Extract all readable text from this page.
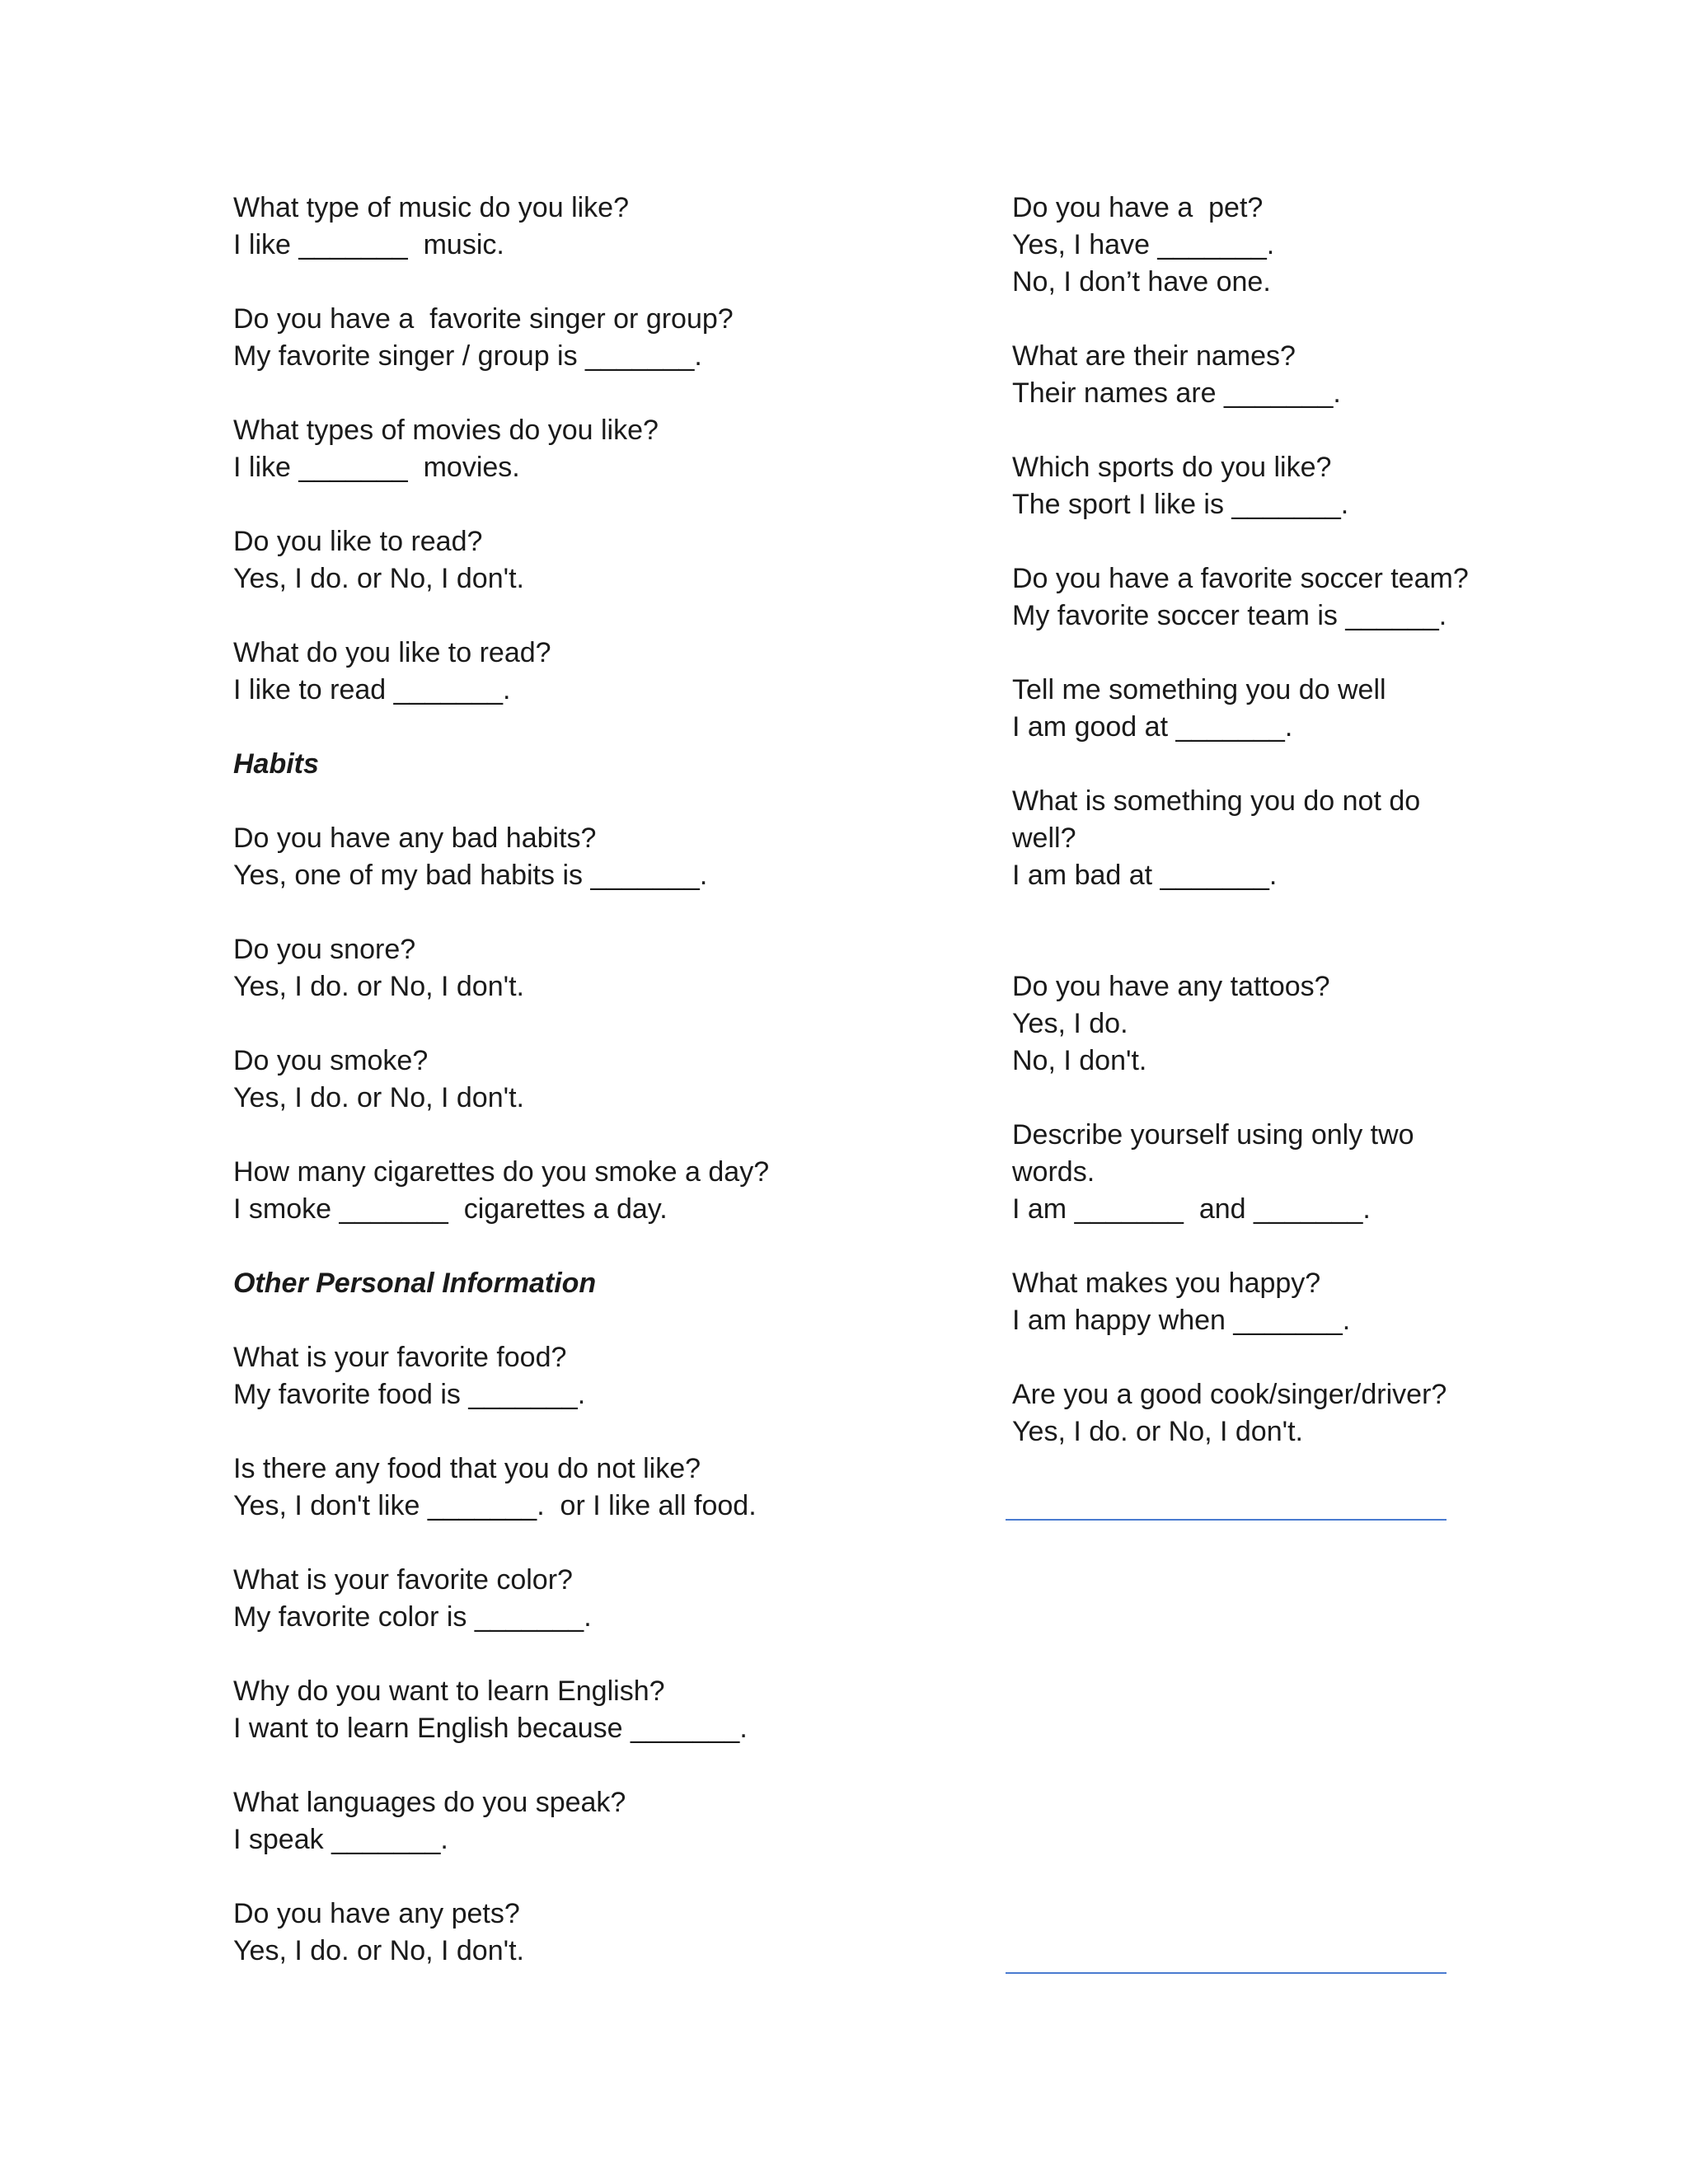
What type of music do you like?
I like _______  music.
Do you have a  favorite singer or group?
My favorite singer / group is _______.
What types of movies do you like?
I like _______  movies.
Do you like to read?
Yes, I do. or No, I don't.
What do you like to read?
I like to read _______.
Habits
Do you have any bad habits?
Yes, one of my bad habits is _______.
Do you snore?
Yes, I do. or No, I don't.
Do you smoke?
Yes, I do. or No, I don't.
How many cigarettes do you smoke a day?
I smoke _______  cigarettes a day.
Other Personal Information
What is your favorite food?
My favorite food is _______.
Is there any food that you do not like?
Yes, I don't like _______.  or I like all food.
What is your favorite color?
My favorite color is _______.
Why do you want to learn English?
I want to learn English because _______.
What languages do you speak?
I speak _______.
Do you have any pets?
Yes, I do. or No, I don't.
Do you have a  pet?
Yes, I have _______.
No, I don’t have one.
What are their names?
Their names are _______.
Which sports do you like?
The sport I like is _______.
Do you have a favorite soccer team?
My favorite soccer team is ______.
Tell me something you do well
I am good at _______.
What is something you do not do well?
I am bad at _______.
Do you have any tattoos?
Yes, I do.
No, I don't.
Describe yourself using only two words.
I am _______  and _______.
What makes you happy?
I am happy when _______.
Are you a good cook/singer/driver?
Yes, I do. or No, I don't.
